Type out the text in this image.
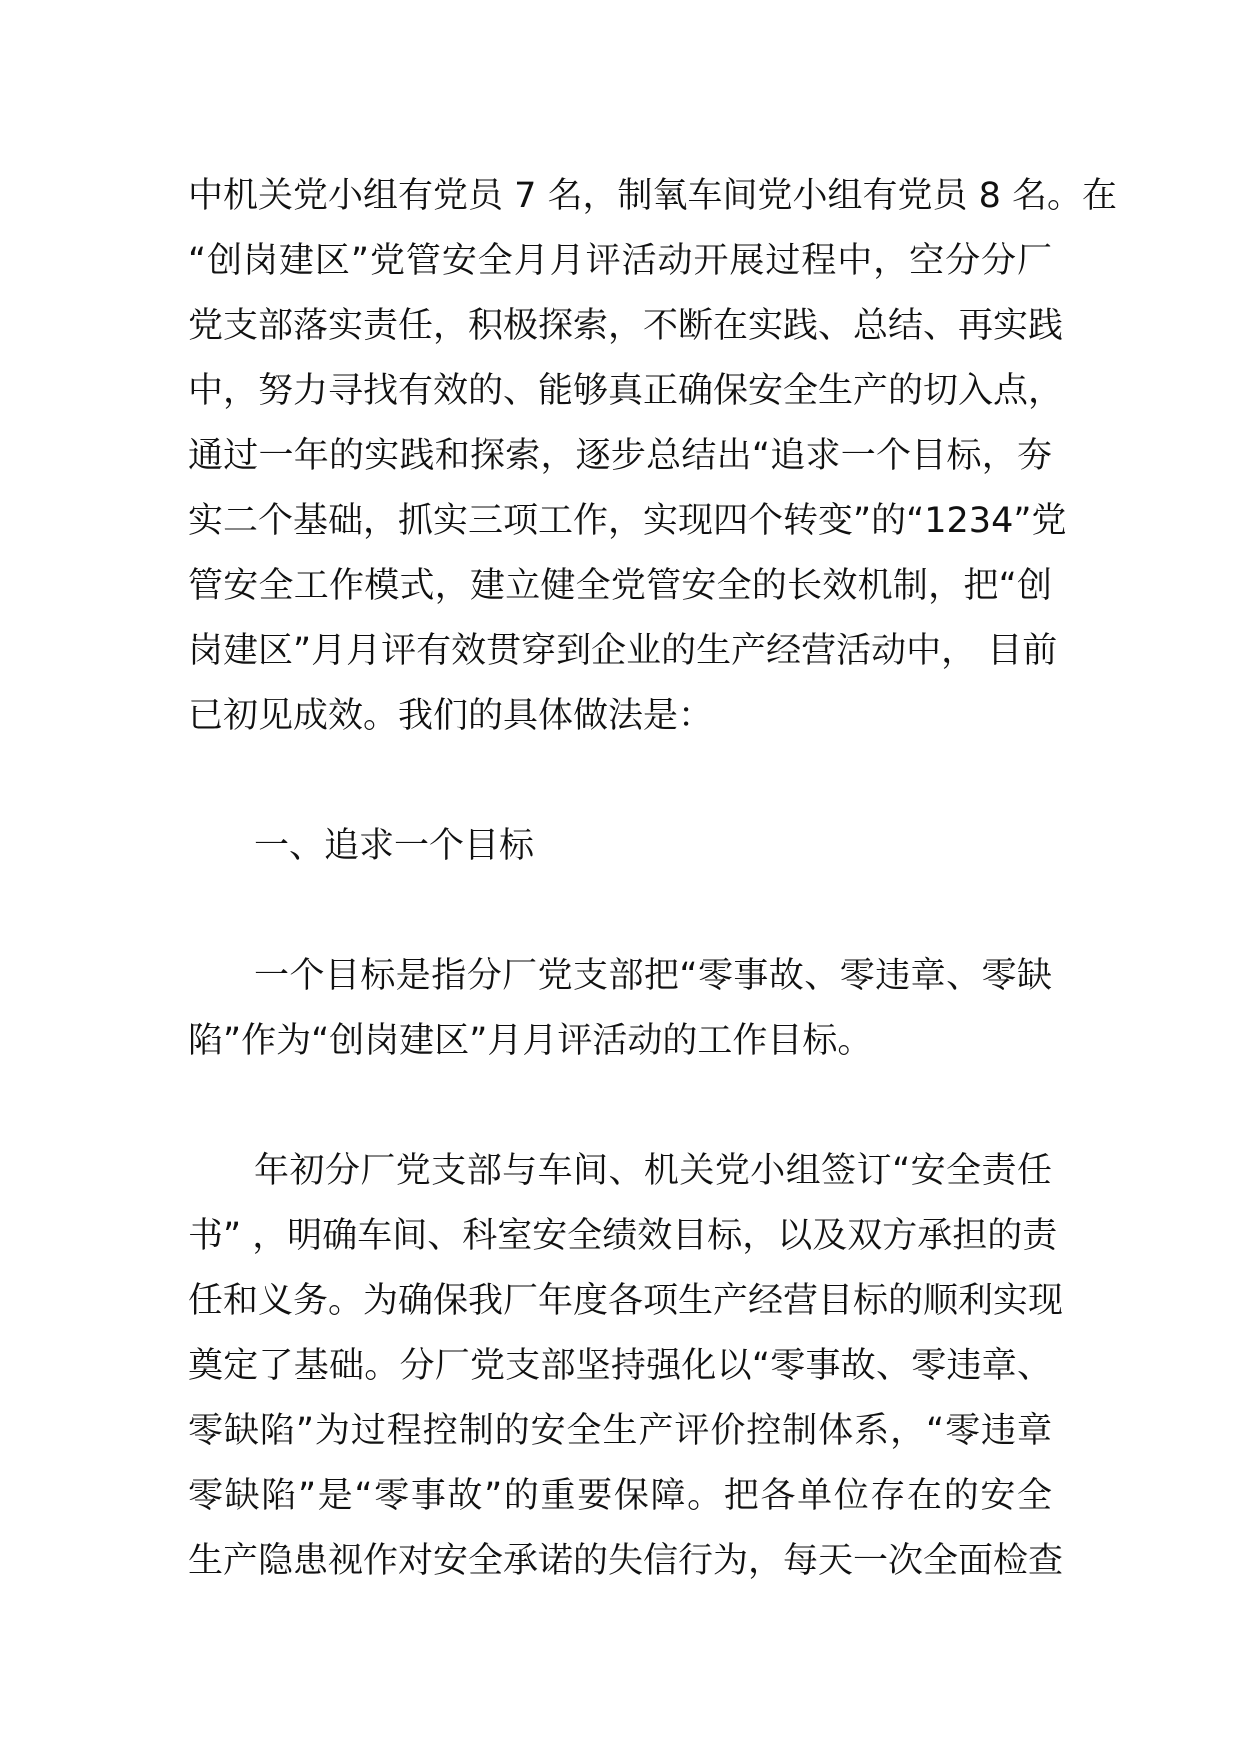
中机关党小组有党员 7 名，制氧车间党小组有党员 8 名。在
“创岗建区”党管安全月月评活动开展过程中，空分分厂
党支部落实责任，积极探索，不断在实践、总结、再实践
中，努力寻找有效的、能够真正确保安全生产的切入点，
通过一年的实践和探索，逐步总结出“追求一个目标，夯
实二个基础，抓实三项工作，实现四个转变”的“1234”党
管安全工作模式，建立健全党管安全的长效机制，把“创
岗建区”月月评有效贯穿到企业的生产经营活动中， 目前
已初见成效。我们的具体做法是：
一、追求一个目标
一个目标是指分厂党支部把“零事故、零违章、零缺
陷”作为“创岗建区”月月评活动的工作目标。
年初分厂党支部与车间、机关党小组签订“安全责任
书” ，明确车间、科室安全绩效目标，以及双方承担的责
任和义务。为确保我厂年度各项生产经营目标的顺利实现
奠定了基础。分厂党支部坚持强化以“零事故、零违章、
零缺陷”为过程控制的安全生产评价控制体系，“零违章
零缺陷”是“零事故”的重要保障。把各单位存在的安全
生产隐患视作对安全承诺的失信行为，每天一次全面检查
